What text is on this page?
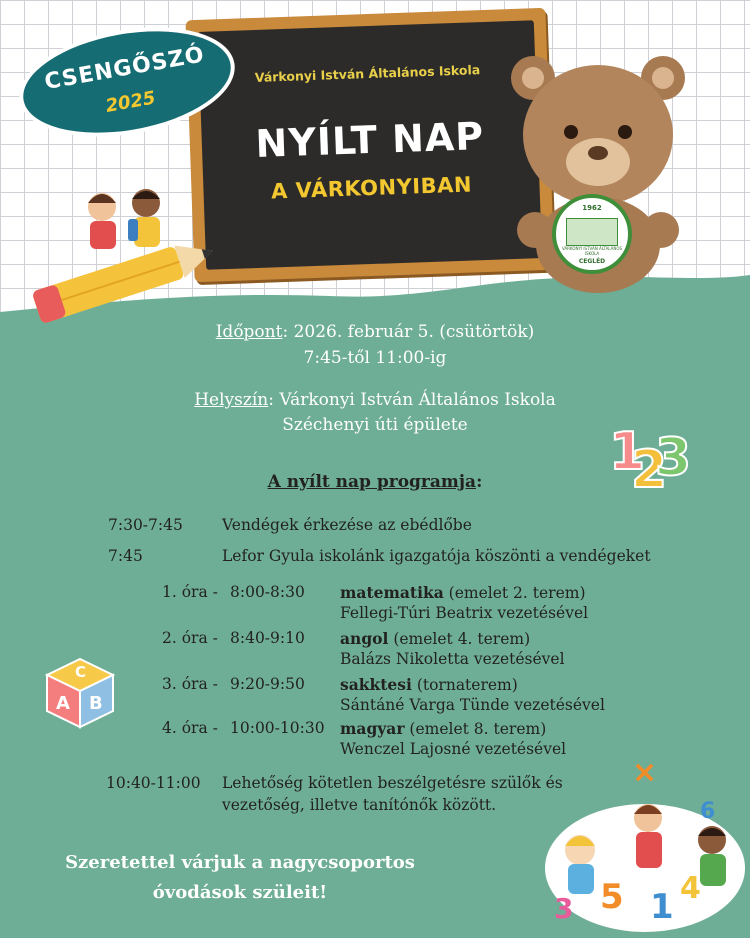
Várkonyi István Általános Iskola
NYÍLT NAP
A VÁRKONYIBAN
CSENGŐSZÓ
2025
1962
VÁRKONYI ISTVÁN ÁLTALÁNOS ISKOLA
CEGLÉD
Időpont: 2026. február 5. (csütörtök)
7:45-től 11:00-ig
Helyszín: Várkonyi István Általános Iskola
Széchenyi úti épülete	1
2
3
A nyílt nap programja:
7:30-7:45	Vendégek érkezése az ebédlőbe
7:45	Lefor Gyula iskolánk igazgatója köszönti a vendégeket
1. óra - 8:00-8:30 matematika (emelet 2. terem)
Fellegi-Túri Beatrix vezetésével
2. óra - 8:40-9:10 angol (emelet 4. terem)
Balázs Nikoletta vezetésével
3. óra - 9:20-9:50 sakktesi (tornaterem)
Sántáné Varga Tünde vezetésével
4. óra - 10:00-10:30 magyar (emelet 8. terem)
Wenczel Lajosné vezetésével
C
A B
10:40-11:00 Lehetőség kötetlen beszélgetésre szülők és
vezetőség, illetve tanítónők között.
Szeretettel várjuk a nagycsoportos
óvodások szüleit!
×
5 1 4
3
6
